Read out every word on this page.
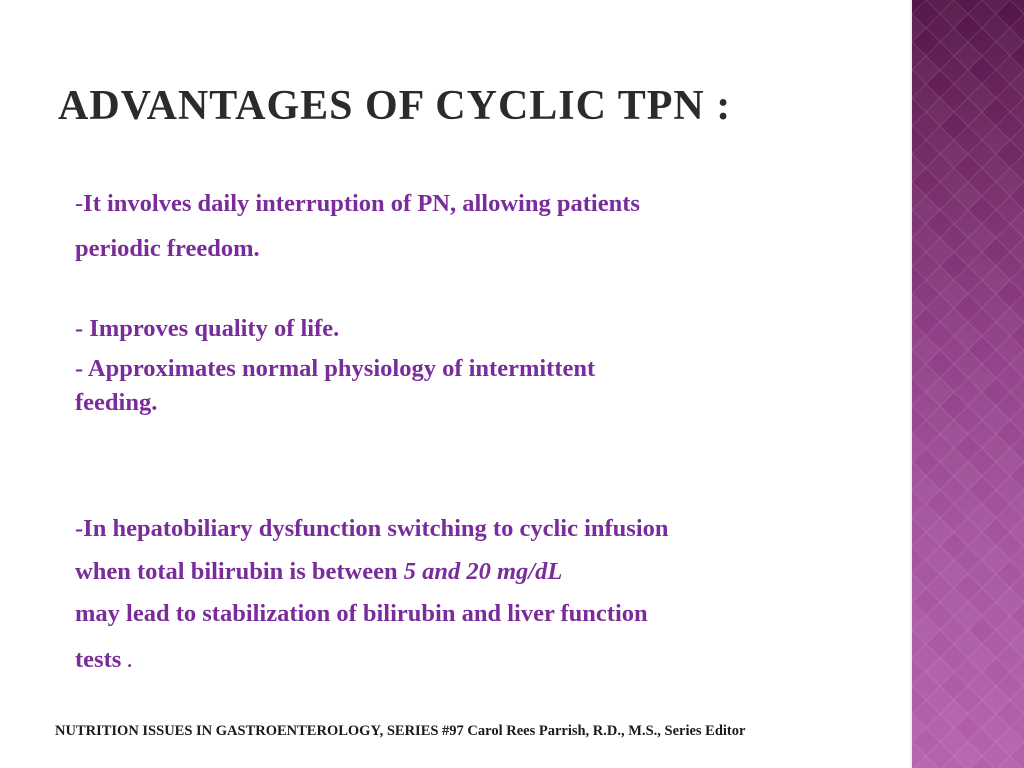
ADVANTAGES OF CYCLIC TPN :

-It involves daily interruption of PN, allowing patients

periodic freedom.

- Improves quality of life.

- Approximates normal physiology of intermittent

feeding.

-In hepatobiliary dysfunction switching to cyclic infusion

when total bilirubin is between 5 and 20 mg/dL

may lead to stabilization of bilirubin and liver function

tests .

NUTRITION ISSUES IN GASTROENTEROLOGY, SERIES #97 Carol Rees Parrish, R.D., M.S., Series Editor
